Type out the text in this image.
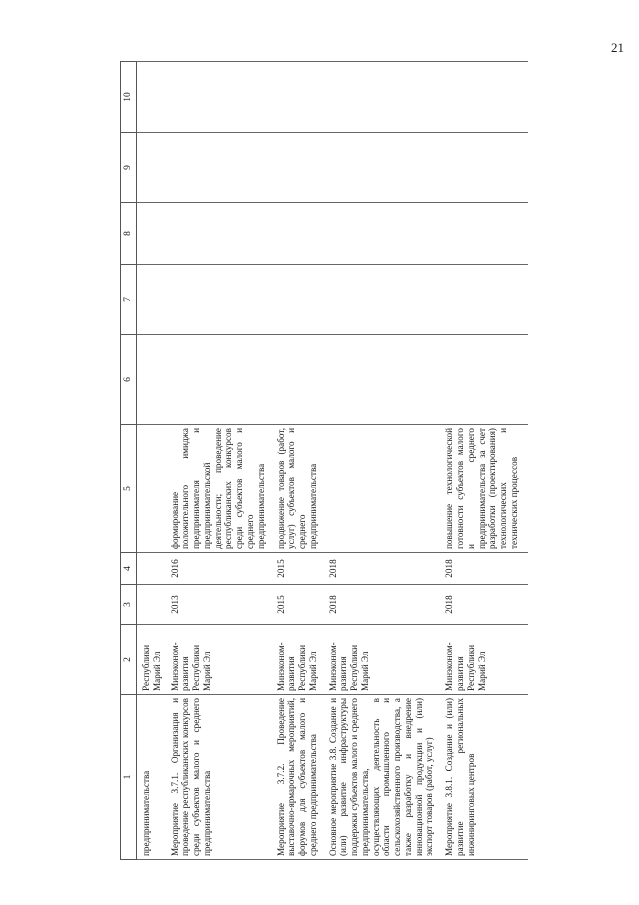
21
1	2	3	4	5	6	7	8	9	10
предпринимательства	Республики Марий Эл								
Мероприятие 3.7.1. Организация и проведение республиканских конкурсов среди субъектов малого и среднего предпринимательства	Минэконом-развития Республики Марий Эл	2013	2016	формирование положительного имиджа предпринимателя и предпринимательской деятельности; проведение республиканских конкурсов среди субъектов малого и среднего предпринимательства					
Мероприятие 3.7.2. Проведение выставочно-ярмарочных мероприятий, форумов для субъектов малого и среднего предпринимательства	Минэконом-развития Республики Марий Эл	2015	2015	продвижение товаров (работ, услуг) субъектов малого и среднего предпринимательства					
Основное мероприятие 3.8. Создание и (или) развитие инфраструктуры поддержки субъектов малого и среднего предпринимательства, осуществляющих деятельность в области промышленного и сельскохозяйственного производства, а также разработку и внедрение инновационной продукции и (или) экспорт товаров (работ, услуг)	Минэконом-развития Республики Марий Эл	2018	2018						
Мероприятие 3.8.1. Создание и (или) развитие региональных инжиниринговых центров	Минэконом-развития Республики Марий Эл	2018	2018	повышение технологической готовности субъектов малого и среднего предпринимательства за счет разработки (проектирования) технологических и технических процессов					
